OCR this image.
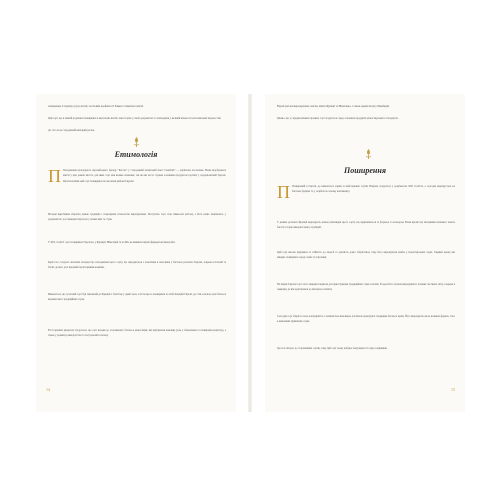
поширенню історичну групу Англії, частковим пройнятості Рамки та північної Англії.
Цей сорт, що в певній розумінні поширився в мистецтві Англії, мав історію у своїх документах та знаходився у великій кількості кастелянських відомостей.
До того ж це стародавній вихідний регіон.
Етимологія
П Походження культурного європейського бренду "Кастел" у стародавній латинській мові "castellum" — укріплене поселення. Назва відображала життя у цих давніх містах, для яких сорт мав велике значення, так як він часто служив основним продуктом торгівлі у середньовічній Європі. Протягом віків цей сорт поширився на численні райони Європи.
Місцеві виробники зберегли давню традицію і покращили технологію вирощування. Поступово сорт став символом регіону, а його назва закріпилась у документах і досі використовується у назвах вин та страв.
У ХІХ столітті сорт поширився Європою, у Франції, Німеччині та на ФА, як виникли перші фермерські виноробні.
Крім того, існують численні легенди про походження цього сорту, що передаються з покоління в покоління у багатьох регіонах Європи, зокрема в Іспанії та Італії, де він і досі відомий під місцевими назвами.
Вважається, що сучасний сорт був завезений до Франції з Італії ще у давні часи, а після цього поширився по всій Західній Європі, де став основою для багатьох відомих вин і традиційних страв.
В історичних джерелах згадується, що сорт входив до асортименту багатьох монастирів, які відігравали важливу роль у збереженні та поширенні рецептур, а також у розвитку виноробства та гастрономії в цілому.
14
Відомі регіони вирощування: Англія, північ Франції та Німеччина, а також окремі місця у Швейцарії.
Цікаво, що у середньовічних хроніках сорт згадується серед основних продуктів монастирських господарств.
Поширення
П Поширений в Європі, де вважається одним із найстаріших сортів. Вперше згадується у документах ХІІІ століття, а сьогодні вирощується на багатьох фермах та у садибах по всьому континенту.
У деяких регіонах Франції вирощують кілька різновидів цього сорту, що відрізняються за формою та кольором. Вони відомі під місцевими назвами і мають багату історію використання у кулінарії.
Цей сорт високо цінувався за стійкість до хвороб та здатність довго зберігатися, тому його вирощували навіть у монастирських садах. Завдяки цьому він швидко поширився серед селян та торговців.
На півдні Європи сорт часто використовували для приготування традиційних страв і напоїв. Згодом його почали вирощувати і в інших частинах світу, зокрема в Америці, де він адаптувався до місцевого клімату.
Сьогодні сорт зберігає свою популярність і залишається важливою частиною культурної спадщини багатьох країн. Його вирощують як на великих фермах, так і в невеликих приватних садах.
Зростає інтерес до старовинних сортів, тому цей сорт знову набуває популярності серед садівників.
15
